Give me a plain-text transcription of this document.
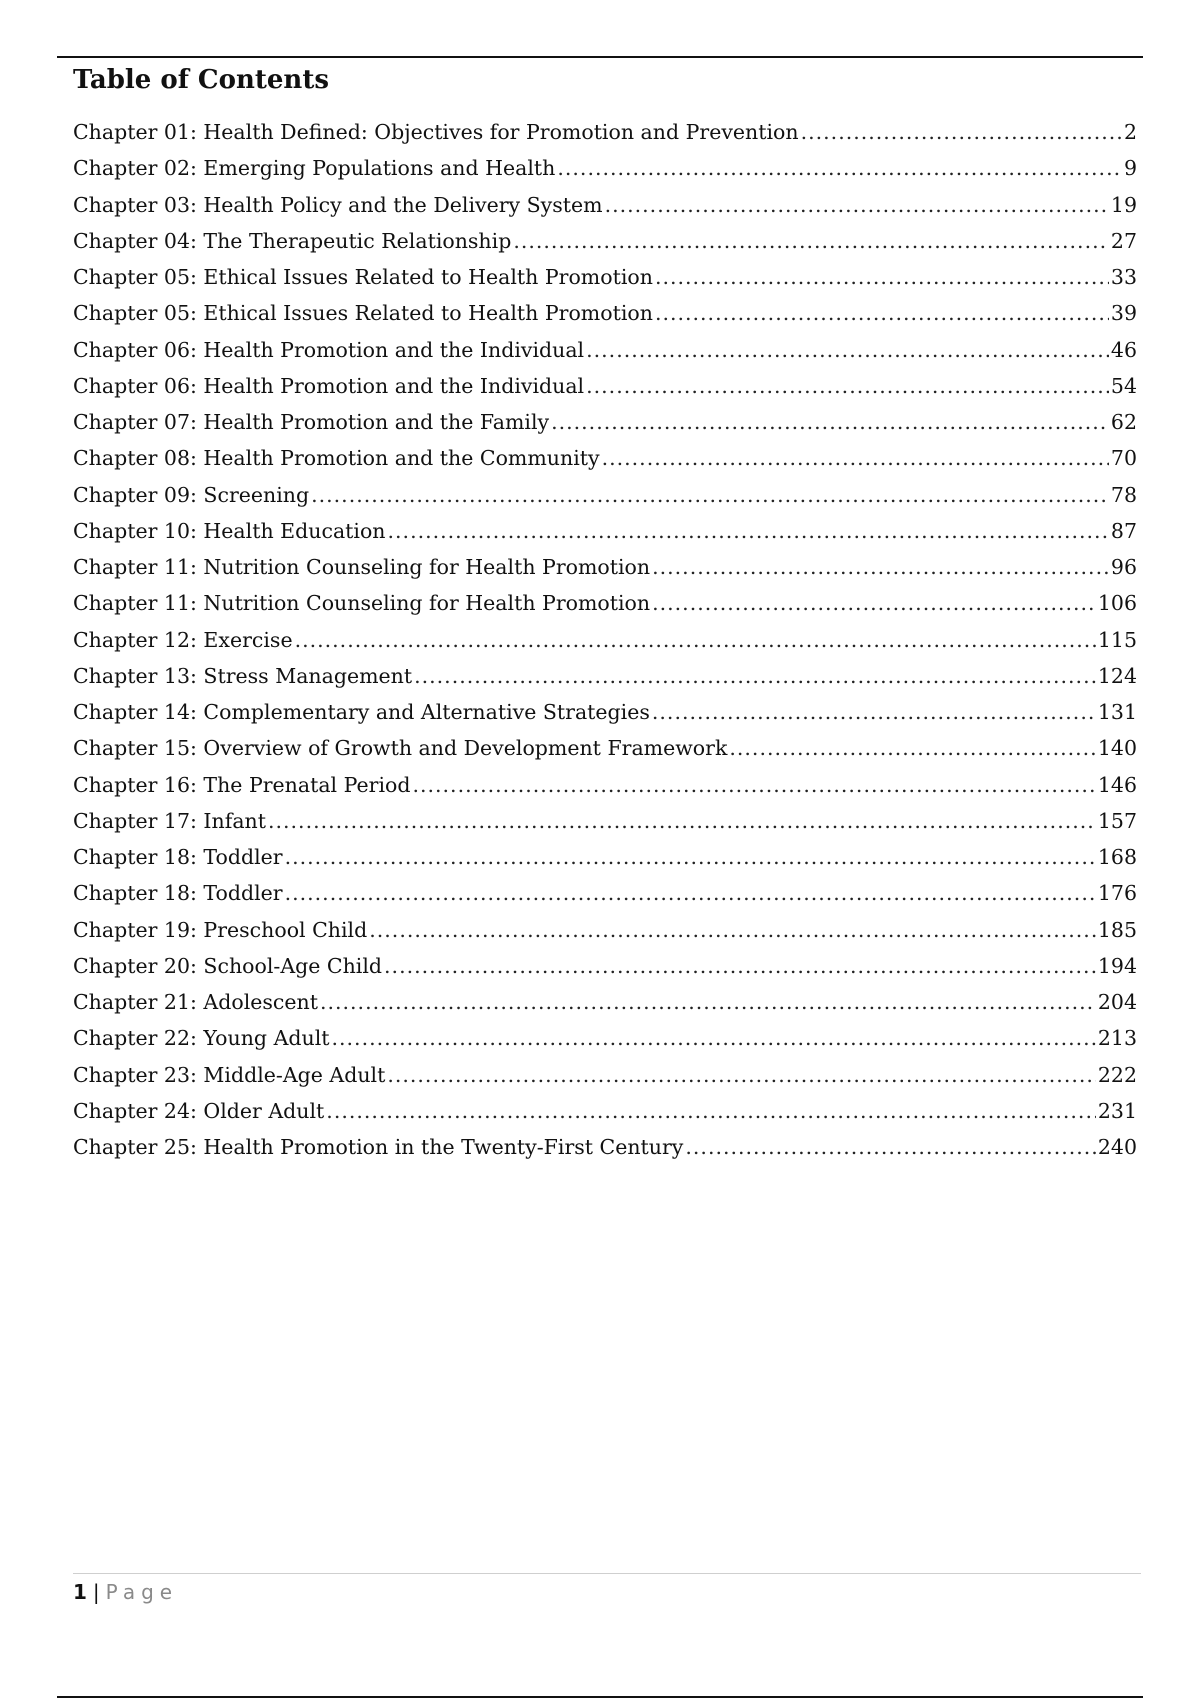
Table of Contents
Chapter 01: Health Defined: Objectives for Promotion and Prevention .....	2
Chapter 02: Emerging Populations and Health .....	9
Chapter 03: Health Policy and the Delivery System .....	19
Chapter 04: The Therapeutic Relationship .....	27
Chapter 05: Ethical Issues Related to Health Promotion .....	33
Chapter 05: Ethical Issues Related to Health Promotion .....	39
Chapter 06: Health Promotion and the Individual .....	46
Chapter 06: Health Promotion and the Individual .....	54
Chapter 07: Health Promotion and the Family .....	62
Chapter 08: Health Promotion and the Community .....	70
Chapter 09: Screening .....	78
Chapter 10: Health Education .....	87
Chapter 11: Nutrition Counseling for Health Promotion .....	96
Chapter 11: Nutrition Counseling for Health Promotion .....	106
Chapter 12: Exercise .....	115
Chapter 13: Stress Management .....	124
Chapter 14: Complementary and Alternative Strategies .....	131
Chapter 15: Overview of Growth and Development Framework .....	140
Chapter 16: The Prenatal Period .....	146
Chapter 17: Infant .....	157
Chapter 18: Toddler .....	168
Chapter 18: Toddler .....	176
Chapter 19: Preschool Child .....	185
Chapter 20: School-Age Child .....	194
Chapter 21: Adolescent .....	204
Chapter 22: Young Adult .....	213
Chapter 23: Middle-Age Adult .....	222
Chapter 24: Older Adult .....	231
Chapter 25: Health Promotion in the Twenty-First Century .....	240
1 | Page
